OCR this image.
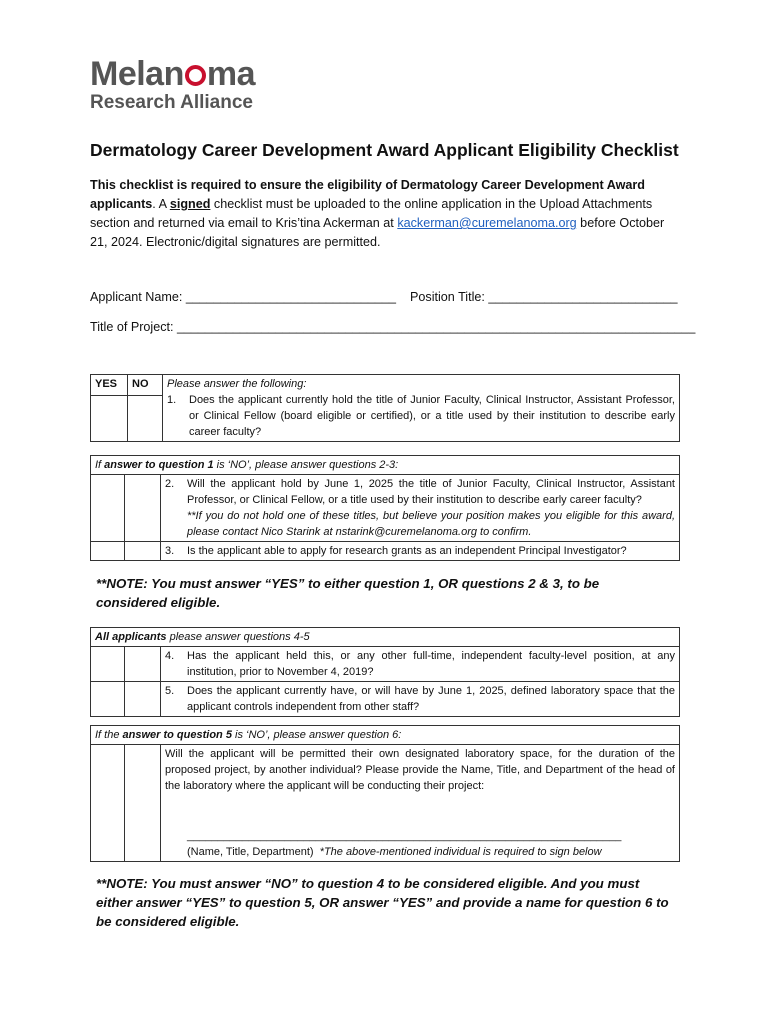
Melan ma
Research Alliance
Dermatology Career Development Award Applicant Eligibility Checklist
This checklist is required to ensure the eligibility of Dermatology Career Development Award applicants. A signed checklist must be uploaded to the online application in the Upload Attachments section and returned via email to Kris’tina Ackerman at kackerman@curemelanoma.org before October 21, 2024. Electronic/digital signatures are permitted.
Applicant Name: ______________________________ Position Title: ___________________________
Title of Project: __________________________________________________________________________
YES	NO	Please answer the following:
1. Does the applicant currently hold the title of Junior Faculty, Clinical Instructor, Assistant Professor, or Clinical Fellow (board eligible or certified), or a title used by their institution to describe early career faculty?

If answer to question 1 is ‘NO’, please answer questions 2-3:		

		2. Will the applicant hold by June 1, 2025 the title of Junior Faculty, Clinical Instructor, Assistant Professor, or Clinical Fellow, or a title used by their institution to describe early career faculty?
**If you do not hold one of these titles, but believe your position makes you eligible for this award, please contact Nico Starink at nstarink@curemelanoma.org to confirm.

		3. Is the applicant able to apply for research grants as an independent Principal Investigator?
**NOTE: You must answer “YES” to either question 1, OR questions 2 & 3, to be considered eligible.
All applicants please answer questions 4-5		

		4. Has the applicant held this, or any other full-time, independent faculty-level position, at any institution, prior to November 4, 2019?

		5. Does the applicant currently have, or will have by June 1, 2025, defined laboratory space that the applicant controls independent from other staff?
If the answer to question 5 is ‘NO’, please answer question 6:

Will the applicant will be permitted their own designated laboratory space, for the duration of the proposed project, by another individual? Please provide the Name, Title, and Department of the head of the laboratory where the applicant will be conducting their project:
_______________________________________________________________________
(Name, Title, Department) *The above-mentioned individual is required to sign below
**NOTE: You must answer “NO” to question 4 to be considered eligible. And you must either answer “YES” to question 5, OR answer “YES” and provide a name for question 6 to be considered eligible.
